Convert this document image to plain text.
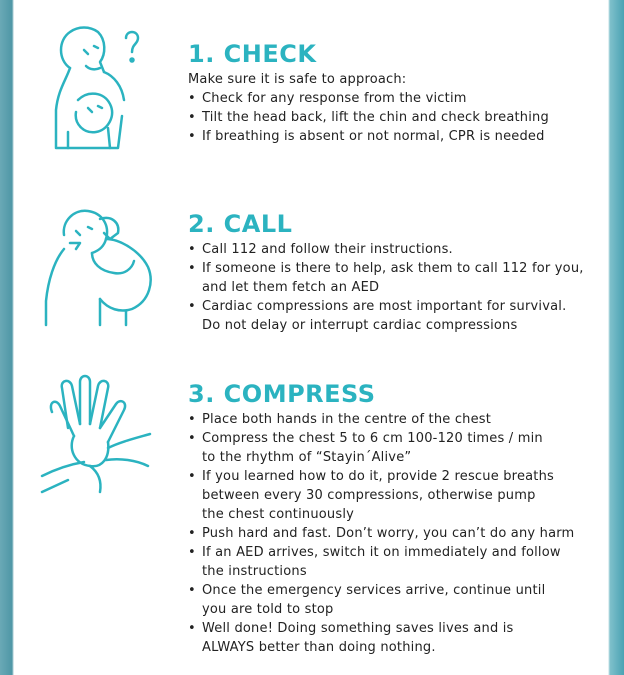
1. CHECK

Make sure it is safe to approach:

• Check for any response from the victim
• Tilt the head back, lift the chin and check breathing
• If breathing is absent or not normal, CPR is needed
2. CALL
• Call 112 and follow their instructions.
• If someone is there to help, ask them to call 112 for you,
and let them fetch an AED
• Cardiac compressions are most important for survival.
Do not delay or interrupt cardiac compressions
3. COMPRESS
• Place both hands in the centre of the chest
• Compress the chest 5 to 6 cm 100-120 times / min
to the rhythm of “Stayin´Alive”
• If you learned how to do it, provide 2 rescue breaths
between every 30 compressions, otherwise pump
the chest continuously
• Push hard and fast. Don’t worry, you can’t do any harm
• If an AED arrives, switch it on immediately and follow
the instructions
• Once the emergency services arrive, continue until
you are told to stop
• Well done! Doing something saves lives and is
ALWAYS better than doing nothing.
